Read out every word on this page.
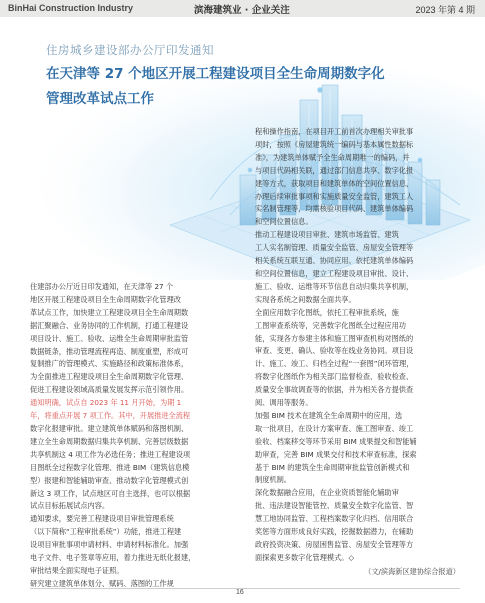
BinHai Construction Industry	滨海建筑业 · 企业关注	2023 年第 4 期
住房城乡建设部办公厅印发通知
在天津等 27 个地区开展工程建设项目全生命周期数字化
管理改革试点工作
住建部办公厅近日印发通知，在天津等 27 个
地区开展工程建设项目全生命周期数字化管理改
革试点工作，加快建立工程建设项目全生命周期数
据汇聚融合、业务协同的工作机制，打通工程建设
项目设计、施工、验收、运维全生命周期审批监管
数据链条，推动管理流程再造、制度重塑，形成可
复制推广的管理模式、实施路径和政策标准体系，
为全面推进工程建设项目全生命周期数字化管理、
促进工程建设领域高质量发展发挥示范引领作用。
通知明确，试点自 2023 年 11 月开始，为期 1
年，将重点开展 7 项工作。其中，开展推进全流程
数字化报建审批。建立建筑单体赋码和落图机制、
建立全生命周期数据归集共享机制、完善层级数据
共享机制这 4 项工作为必选任务；推进工程建设项
目图纸全过程数字化管理、推进 BIM（建筑信息模
型）报建和智能辅助审查、推动数字化管理模式创
新这 3 项工作，试点地区可自主选择，也可以根据
试点目标拓展试点内容。
通知要求，要完善工程建设项目审批管理系统
（以下简称“工程审批系统”）功能，推进工程建
设项目审批事项申请材料、申请材料标准化。加强
电子文件、电子签章等应用，着力推进无纸化报建，
审批结果全面实现电子证照。
研究建立建筑单体划分、赋码、落图的工作规
程和操作指南，在项目开工前首次办理相关审批事
项时，按照《房屋建筑统一编码与基本属性数据标
准》，为建筑单体赋予全生命周期唯一的编码，并
与项目代码相关联，通过部门信息共享、数字化报
建等方式，获取项目和建筑单体的空间位置信息，
办理后续审批事项和实施质量安全监管，建筑工人
实名制管理等，均需核验项目代码、建筑单体编码
和空间位置信息。
推动工程建设项目审批、建筑市场监管、建筑
工人实名制管理、质量安全监管、房屋安全管理等
相关系统互联互通、协同应用。依托建筑单体编码
和空间位置信息，建立工程建设项目审批、设计、
施工、验收、运维等环节信息自动归集共享机制，
实现各系统之间数据全面共享。
全面应用数字化图纸，依托工程审批系统，施
工图审查系统等，完善数字化图纸全过程应用功
能，实现各方参建主体和施工图审查机构对图纸的
审查、变更、确认、验收等在线业务协同。项目设
计、施工、竣工、归档全过程“一套图”闭环管理，
将数字化图纸作为相关部门监督检查、验收检查、
质量安全事故调查等的依据，并为相关各方提供查
阅、调用等服务。
加强 BIM 技术在建筑全生命周期中的应用，选
取一批项目，在设计方案审查、施工图审查、竣工
验收、档案移交等环节采用 BIM 成果提交和智能辅
助审查，完善 BIM 成果交付和技术审查标准，探索
基于 BIM 的建筑全生命周期审批监管创新模式和
制度机制。
深化数据融合应用，在企业资质智能化辅助审
批、违法建设智能管控、质量安全数字化监管、智
慧工地协同监管、工程档案数字化归档、信用联合
奖惩等方面形成良好实践，挖掘数据潜力，在辅助
政府投资决策、房屋困售监管、房屋安全管理等方
面探索更多数字化管理模式。◇
（文/滨海新区建协综合报道）
16
